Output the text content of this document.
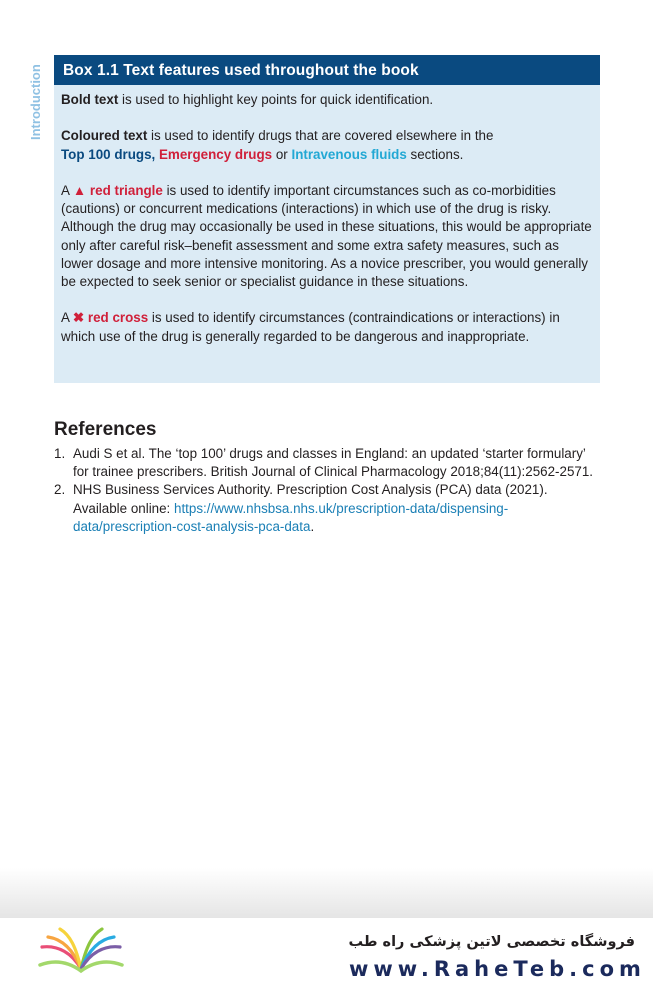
Introduction	Box 1.1 Text features used throughout the book

Bold text is used to highlight key points for quick identification.

Coloured text is used to identify drugs that are covered elsewhere in the
Top 100 drugs, Emergency drugs or Intravenous fluids sections.

A ▲ red triangle is used to identify important circumstances such as co-morbidities (cautions) or concurrent medications (interactions) in which use of the drug is risky. Although the drug may occasionally be used in these situations, this would be appropriate only after careful risk–benefit assessment and some extra safety measures, such as lower dosage and more intensive monitoring. As a novice prescriber, you would generally be expected to seek senior or specialist guidance in these situations.

A ✖ red cross is used to identify circumstances (contraindications or interactions) in which use of the drug is generally regarded to be dangerous and inappropriate.

References
1. Audi S et al. The ‘top 100’ drugs and classes in England: an updated ‘starter formulary’ for trainee prescribers. British Journal of Clinical Pharmacology 2018;84(11):2562-2571.
2. NHS Business Services Authority. Prescription Cost Analysis (PCA) data (2021). Available online: https://www.nhsbsa.nhs.uk/prescription-data/dispensing-data/prescription-cost-analysis-pca-data.
فروشگاه تخصصی لاتین پزشکی راه طب
www.RaheTeb.com
